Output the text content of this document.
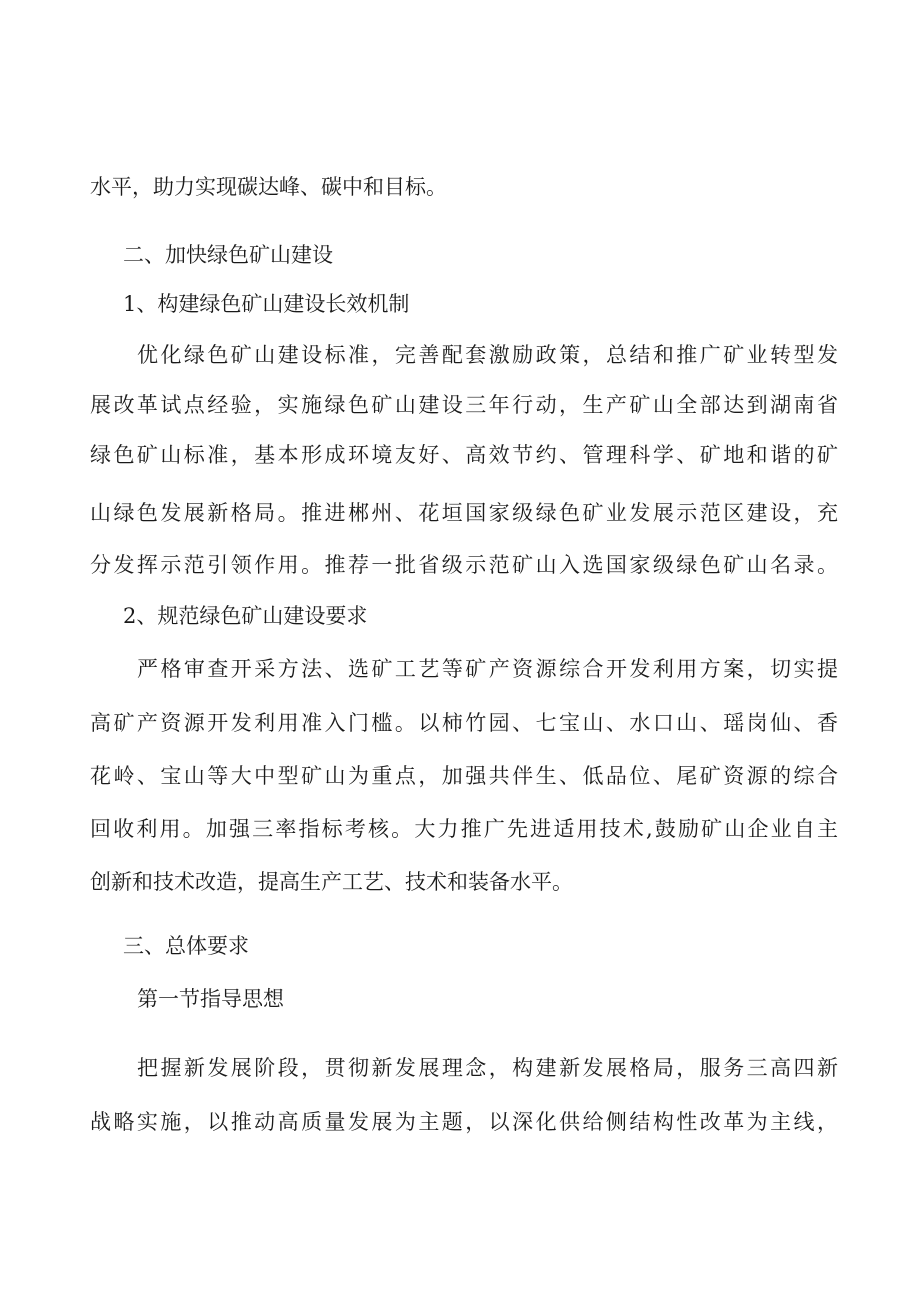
水平，助力实现碳达峰、碳中和目标。
二、加快绿色矿山建设
1、构建绿色矿山建设长效机制
优化绿色矿山建设标准，完善配套激励政策，总结和推广矿业转型发
展改革试点经验，实施绿色矿山建设三年行动，生产矿山全部达到湖南省
绿色矿山标准，基本形成环境友好、高效节约、管理科学、矿地和谐的矿
山绿色发展新格局。推进郴州、花垣国家级绿色矿业发展示范区建设，充
分发挥示范引领作用。推荐一批省级示范矿山入选国家级绿色矿山名录。
2、规范绿色矿山建设要求
严格审查开采方法、选矿工艺等矿产资源综合开发利用方案，切实提
高矿产资源开发利用准入门槛。以柿竹园、七宝山、水口山、瑶岗仙、香
花岭、宝山等大中型矿山为重点，加强共伴生、低品位、尾矿资源的综合
回收利用。加强三率指标考核。大力推广先进适用技术,鼓励矿山企业自主
创新和技术改造，提高生产工艺、技术和装备水平。
三、总体要求
第一节指导思想
把握新发展阶段，贯彻新发展理念，构建新发展格局，服务三高四新
战略实施，以推动高质量发展为主题，以深化供给侧结构性改革为主线，
